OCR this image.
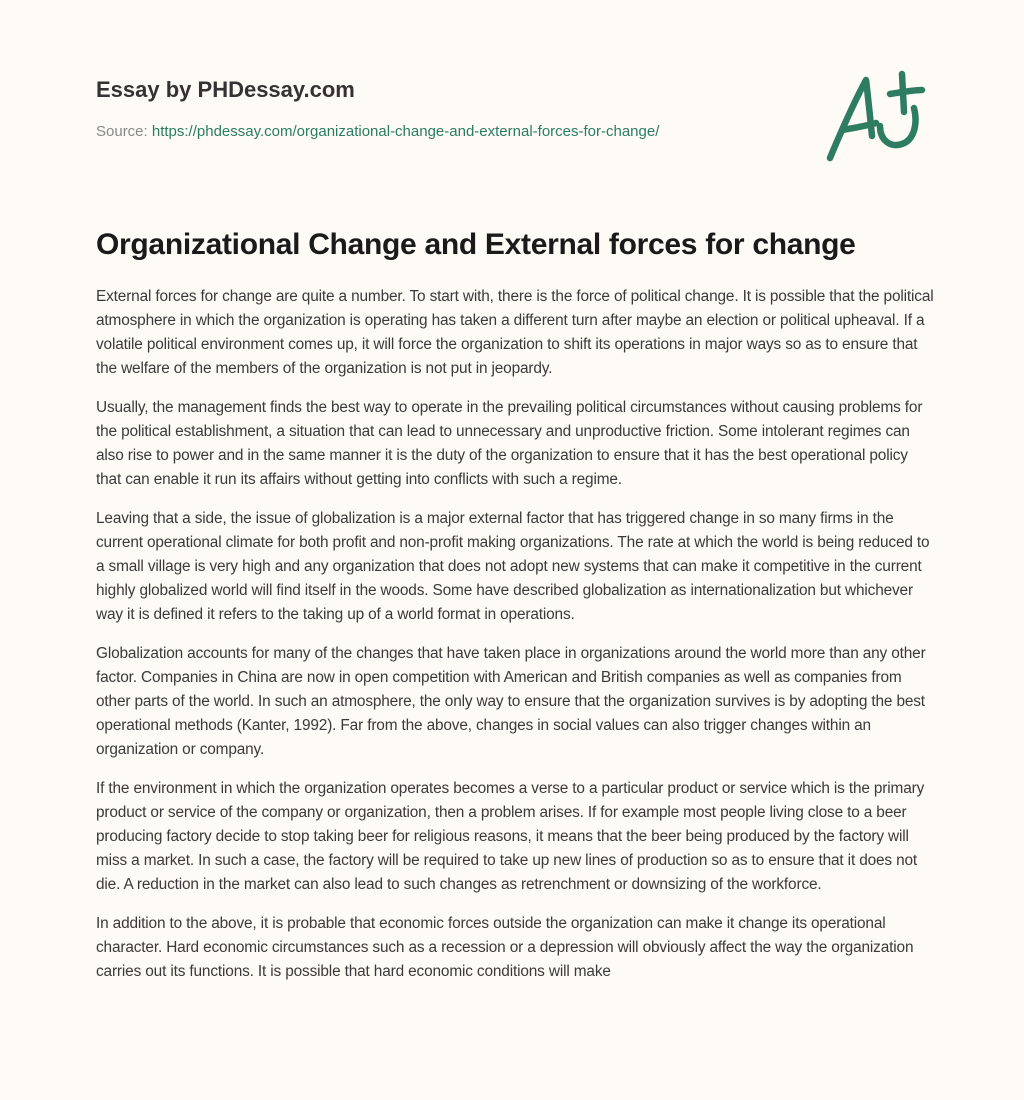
Essay by PHDessay.com
Source: https://phdessay.com/organizational-change-and-external-forces-for-change/
Organizational Change and External forces for change

External forces for change are quite a number. To start with, there is the force of political change. It is possible that the political atmosphere in which the organization is operating has taken a different turn after maybe an election or political upheaval. If a volatile political environment comes up, it will force the organization to shift its operations in major ways so as to ensure that the welfare of the members of the organization is not put in jeopardy.

Usually, the management finds the best way to operate in the prevailing political circumstances without causing problems for the political establishment, a situation that can lead to unnecessary and unproductive friction. Some intolerant regimes can also rise to power and in the same manner it is the duty of the organization to ensure that it has the best operational policy that can enable it run its affairs without getting into conflicts with such a regime.

Leaving that a side, the issue of globalization is a major external factor that has triggered change in so many firms in the current operational climate for both profit and non-profit making organizations. The rate at which the world is being reduced to a small village is very high and any organization that does not adopt new systems that can make it competitive in the current highly globalized world will find itself in the woods. Some have described globalization as internationalization but whichever way it is defined it refers to the taking up of a world format in operations.

Globalization accounts for many of the changes that have taken place in organizations around the world more than any other factor. Companies in China are now in open competition with American and British companies as well as companies from other parts of the world. In such an atmosphere, the only way to ensure that the organization survives is by adopting the best operational methods (Kanter, 1992). Far from the above, changes in social values can also trigger changes within an organization or company.

If the environment in which the organization operates becomes a verse to a particular product or service which is the primary product or service of the company or organization, then a problem arises. If for example most people living close to a beer producing factory decide to stop taking beer for religious reasons, it means that the beer being produced by the factory will miss a market. In such a case, the factory will be required to take up new lines of production so as to ensure that it does not die. A reduction in the market can also lead to such changes as retrenchment or downsizing of the workforce.

In addition to the above, it is probable that economic forces outside the organization can make it change its operational character. Hard economic circumstances such as a recession or a depression will obviously affect the way the organization carries out its functions. It is possible that hard economic conditions will make
